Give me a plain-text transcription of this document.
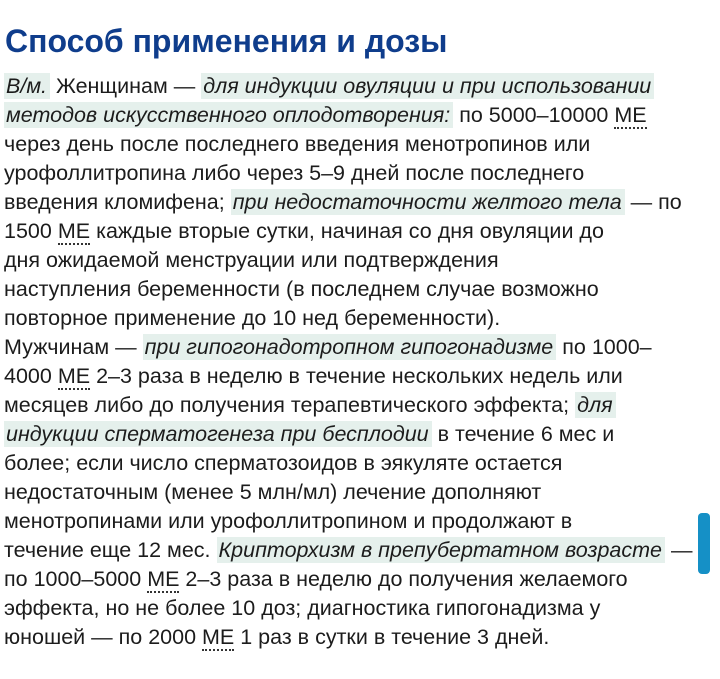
Способ применения и дозы
В/м. Женщинам — для индукции овуляции и при использовании
методов искусственного оплодотворения: по 5000–10000 МЕ
через день после последнего введения менотропинов или
урофоллитропина либо через 5–9 дней после последнего
введения кломифена; при недостаточности желтого тела — по
1500 МЕ каждые вторые сутки, начиная со дня овуляции до
дня ожидаемой менструации или подтверждения
наступления беременности (в последнем случае возможно
повторное применение до 10 нед беременности).
Мужчинам — при гипогонадотропном гипогонадизме по 1000–
4000 МЕ 2–3 раза в неделю в течение нескольких недель или
месяцев либо до получения терапевтического эффекта; для
индукции сперматогенеза при бесплодии в течение 6 мес и
более; если число сперматозоидов в эякуляте остается
недостаточным (менее 5 млн/мл) лечение дополняют
менотропинами или урофоллитропином и продолжают в
течение еще 12 мес. Крипторхизм в препубертатном возрасте —
по 1000–5000 МЕ 2–3 раза в неделю до получения желаемого
эффекта, но не более 10 доз; диагностика гипогонадизма у
юношей — по 2000 МЕ 1 раз в сутки в течение 3 дней.
